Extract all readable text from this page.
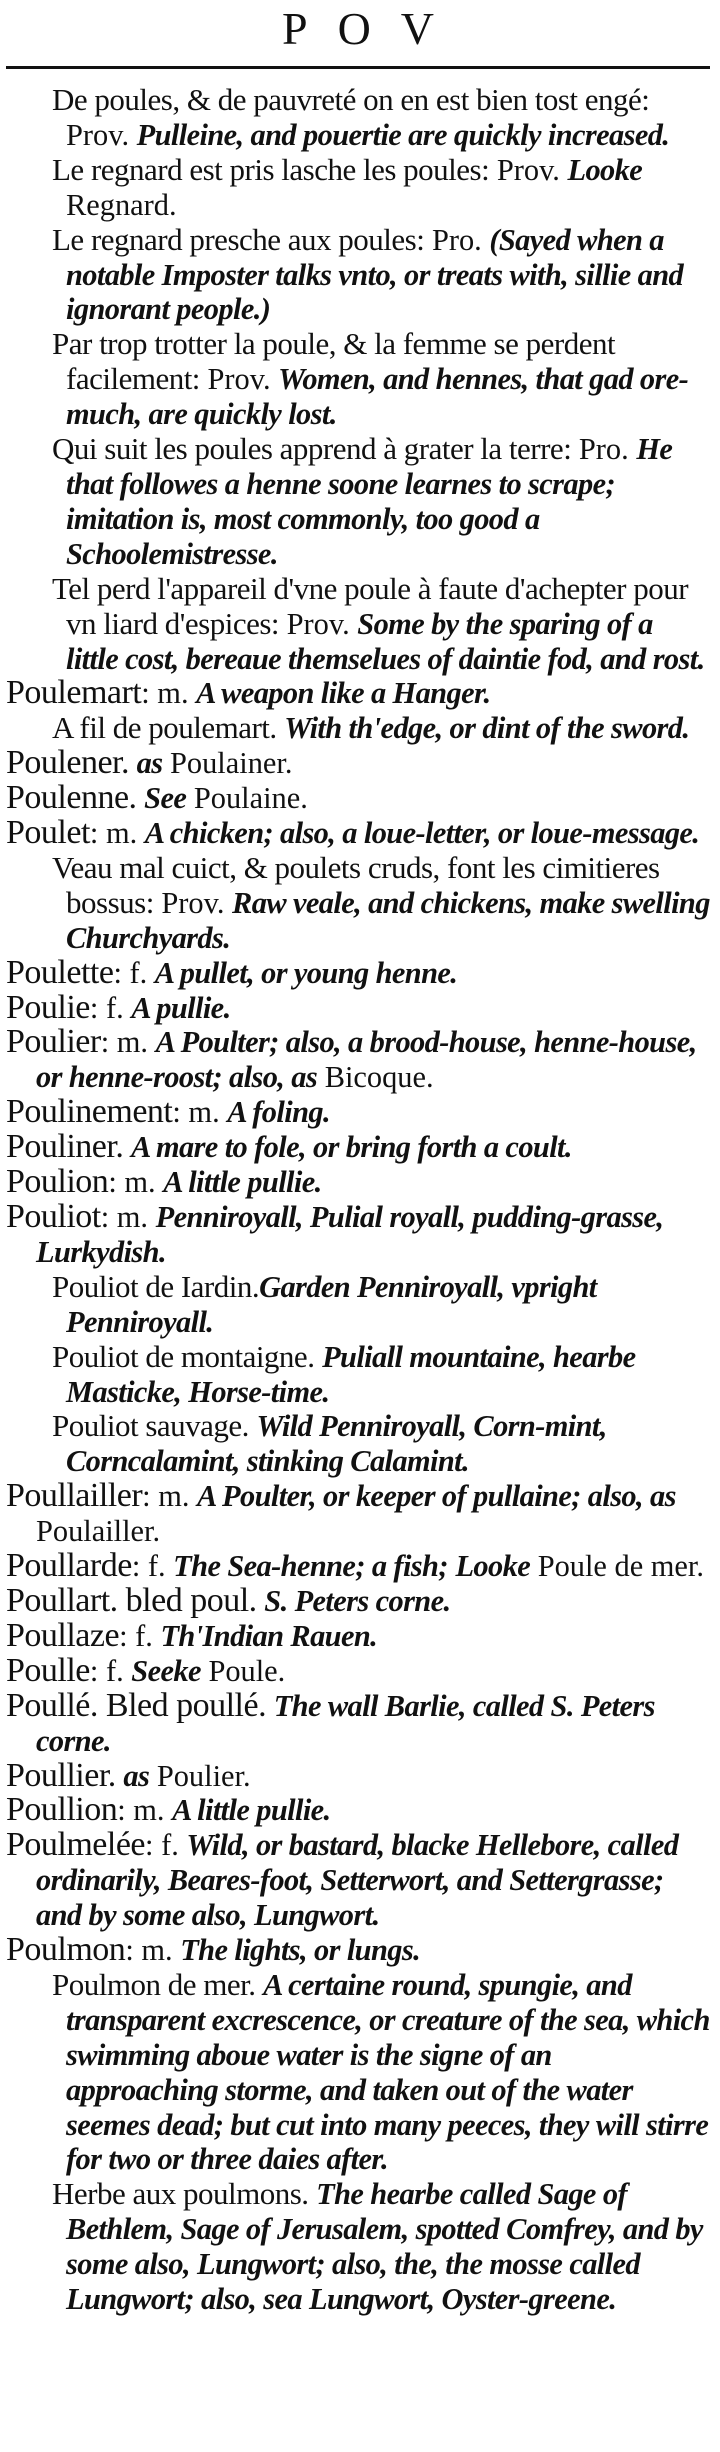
POV

De poules, & de pauvreté on en est bien tost engé: Prov. Pulleine, and pouertie are quickly increased.

Le regnard est pris lasche les poules: Prov. Looke Regnard.

Le regnard presche aux poules: Pro. (Sayed when a notable Imposter talks vnto, or treats with, sillie and ignorant people.)

Par trop trotter la poule, & la femme se perdent facilement: Prov. Women, and hennes, that gad ore-much, are quickly lost.

Qui suit les poules apprend à grater la terre: Pro. He that followes a henne soone learnes to scrape; imitation is, most commonly, too good a Schoolemistresse.

Tel perd l'appareil d'vne poule à faute d'achepter pour vn liard d'espices: Prov. Some by the sparing of a little cost, bereaue themselues of daintie fod, and rost.

Poulemart: m. A weapon like a Hanger.

A fil de poulemart. With th'edge, or dint of the sword.

Poulener. as Poulainer.

Poulenne. See Poulaine.

Poulet: m. A chicken; also, a loue-letter, or loue-message.

Veau mal cuict, & poulets cruds, font les cimitieres bossus: Prov. Raw veale, and chickens, make swelling Churchyards.

Poulette: f. A pullet, or young henne.

Poulie: f. A pullie.

Poulier: m. A Poulter; also, a brood-house, henne-house, or henne-roost; also, as Bicoque.

Poulinement: m. A foling.

Pouliner. A mare to fole, or bring forth a coult.

Poulion: m. A little pullie.

Pouliot: m. Penniroyall, Pulial royall, pudding-grasse, Lurkydish.

Pouliot de Iardin.Garden Penniroyall, vpright Penniroyall.

Pouliot de montaigne. Puliall mountaine, hearbe Masticke, Horse-time.

Pouliot sauvage. Wild Penniroyall, Corn-mint, Corncalamint, stinking Calamint.

Poullailler: m. A Poulter, or keeper of pullaine; also, as Poulailler.

Poullarde: f. The Sea-henne; a fish; Looke Poule de mer.

Poullart. bled poul. S. Peters corne.

Poullaze: f. Th'Indian Rauen.

Poulle: f. Seeke Poule.

Poullé. Bled poullé. The wall Barlie, called S. Peters corne.

Poullier. as Poulier.

Poullion: m. A little pullie.

Poulmelée: f. Wild, or bastard, blacke Hellebore, called ordinarily, Beares-foot, Setterwort, and Settergrasse; and by some also, Lungwort.

Poulmon: m. The lights, or lungs.

Poulmon de mer. A certaine round, spungie, and transparent excrescence, or creature of the sea, which swimming aboue water is the signe of an approaching storme, and taken out of the water seemes dead; but cut into many peeces, they will stirre for two or three daies after.

Herbe aux poulmons. The hearbe called Sage of Bethlem, Sage of Jerusalem, spotted Comfrey, and by some also, Lungwort; also, the, the mosse called Lungwort; also, sea Lungwort, Oyster-greene.
